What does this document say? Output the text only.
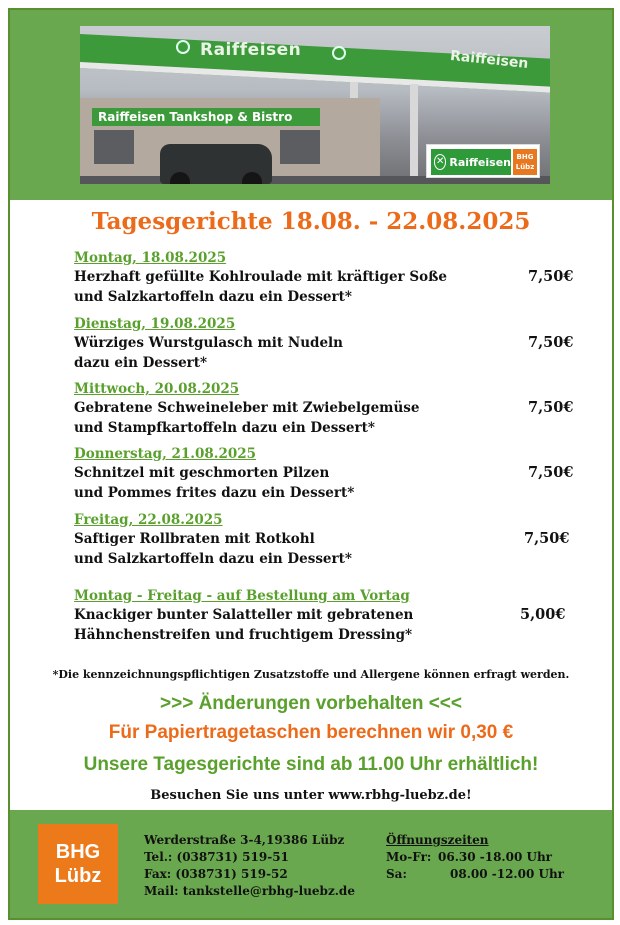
Raiffeisen	Raiffeisen
Raiffeisen Tankshop & Bistro
✕ Raiffeisen BHG
Lübz
Tagesgerichte 18.08. - 22.08.2025
Montag, 18.08.2025
Herzhaft gefüllte Kohlroulade mit kräftiger Soße
und Salzkartoffeln dazu ein Dessert*
7,50€
Dienstag, 19.08.2025
Würziges Wurstgulasch mit Nudeln
dazu ein Dessert*
7,50€
Mittwoch, 20.08.2025
Gebratene Schweineleber mit Zwiebelgemüse
und Stampfkartoffeln dazu ein Dessert*
7,50€
Donnerstag, 21.08.2025
Schnitzel mit geschmorten Pilzen
und Pommes frites dazu ein Dessert*
7,50€
Freitag, 22.08.2025
Saftiger Rollbraten mit Rotkohl
und Salzkartoffeln dazu ein Dessert*
7,50€
Montag - Freitag - auf Bestellung am Vortag
Knackiger bunter Salatteller mit gebratenen
Hähnchenstreifen und fruchtigem Dressing*
5,00€
*Die kennzeichnungspflichtigen Zusatzstoffe und Allergene können erfragt werden.
>>> Änderungen vorbehalten <<<
Für Papiertragetaschen berechnen wir 0,30 €
Unsere Tagesgerichte sind ab 11.00 Uhr erhältlich!
Besuchen Sie uns unter www.rbhg-luebz.de!
BHG
Lübz
Werderstraße 3-4,19386 Lübz
Tel.: (038731) 519-51
Fax: (038731) 519-52
Mail: tankstelle@rbhg-luebz.de
Öffnungszeiten
Mo-Fr: 06.30 -18.00 Uhr
Sa:	08.00 -12.00 Uhr
